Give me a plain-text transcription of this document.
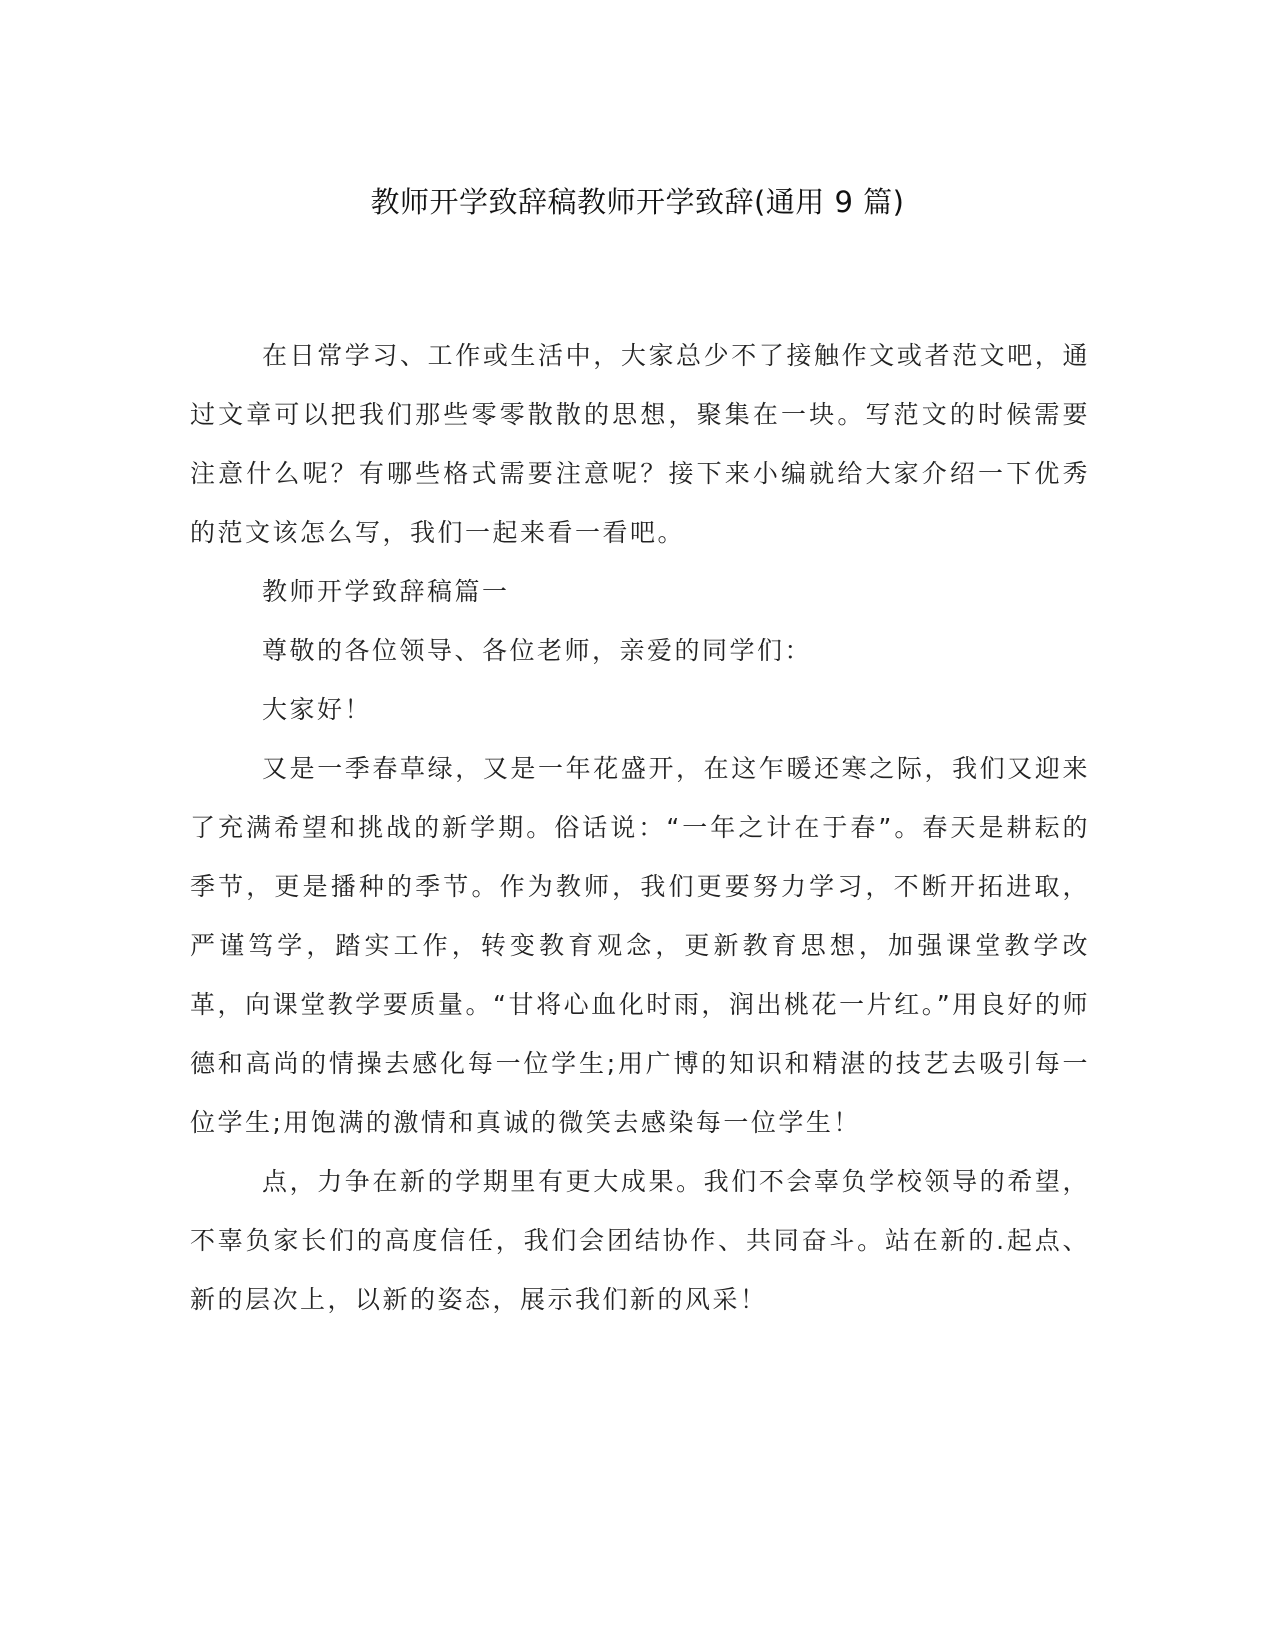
教师开学致辞稿教师开学致辞(通用 9 篇)

在日常学习、工作或生活中，大家总少不了接触作文或者范文吧，通过文章可以把我们那些零零散散的思想，聚集在一块。写范文的时候需要注意什么呢？有哪些格式需要注意呢？接下来小编就给大家介绍一下优秀的范文该怎么写，我们一起来看一看吧。

教师开学致辞稿篇一

尊敬的各位领导、各位老师，亲爱的同学们：

大家好！

又是一季春草绿，又是一年花盛开，在这乍暖还寒之际，我们又迎来了充满希望和挑战的新学期。俗话说：“一年之计在于春”。春天是耕耘的季节，更是播种的季节。作为教师，我们更要努力学习，不断开拓进取，严谨笃学，踏实工作，转变教育观念，更新教育思想，加强课堂教学改革，向课堂教学要质量。“甘将心血化时雨，润出桃花一片红。”用良好的师德和高尚的情操去感化每一位学生;用广博的知识和精湛的技艺去吸引每一位学生;用饱满的激情和真诚的微笑去感染每一位学生！

点，力争在新的学期里有更大成果。我们不会辜负学校领导的希望，不辜负家长们的高度信任，我们会团结协作、共同奋斗。站在新的.起点、新的层次上，以新的姿态，展示我们新的风采！
